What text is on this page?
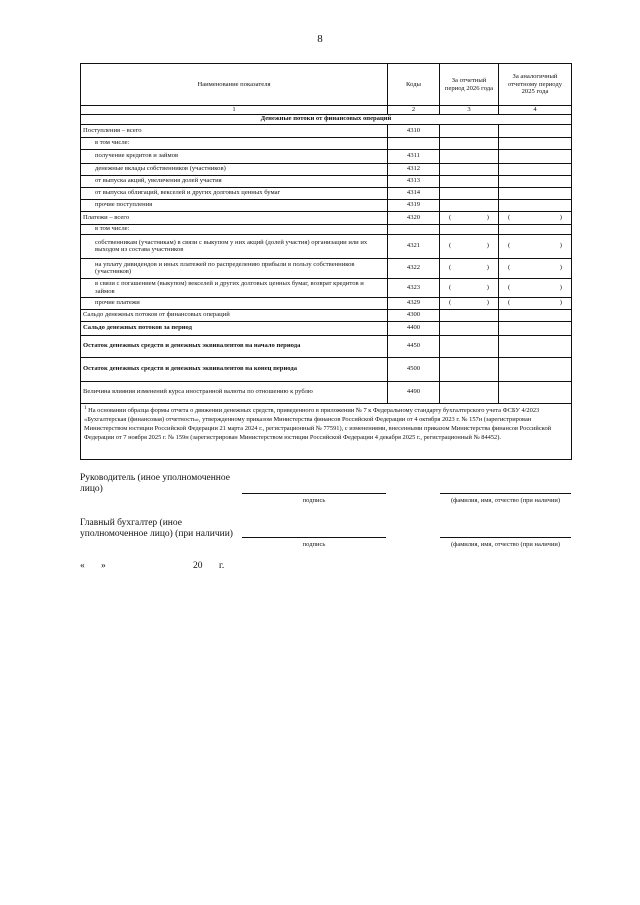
8
Наименование показателя	Коды	За отчетный период 2026 года	За аналогичный отчетному периоду 2025 года
1	2	3	4
Денежные потоки от финансовых операций			
Поступления – всего	4310		
в том числе:			
получение кредитов и займов	4311		
денежные вклады собственников (участников)	4312		
от выпуска акций, увеличения долей участия	4313		
от выпуска облигаций, векселей и других долговых ценных бумаг	4314		
прочие поступления	4319		
Платежи – всего	4320	( )	( )

в том числе:			
собственникам (участникам) в связи с выкупом у них акций (долей участия) организации или их выходом из состава участников	4321	( )	( )

на уплату дивидендов и иных платежей по распределению прибыли в пользу собственников (участников)	4322	( )	( )

в связи с погашением (выкупом) векселей и других долговых ценных бумаг, возврат кредитов и займов	4323	( )	( )

прочие платежи	4329	( )	( )

Сальдо денежных потоков от финансовых операций	4300		
Сальдо денежных потоков за период	4400		
Остаток денежных средств и денежных эквивалентов на начало периода	4450		
Остаток денежных средств и денежных эквивалентов на конец периода	4500		
Величина влияния изменений курса иностранной валюты по отношению к рублю	4490		
$^1$ На основании образца формы отчета о движении денежных средств, приведенного в приложении № 7 к Федеральному стандарту бухгалтерского учета ФСБУ 4/2023 «Бухгалтерская (финансовая) отчетность», утвержденному приказом Министерства финансов Российской Федерации от 4 октября 2023 г. № 157н (зарегистрирован Министерством юстиции Российской Федерации 21 марта 2024 г., регистрационный № 77591), с изменениями, внесенными приказом Министерства финансов Российской Федерации от 7 ноября 2025 г. № 159н (зарегистрирован Министерством юстиции Российской Федерации 4 декабря 2025 г., регистрационный № 84452).			
Руководитель (иное уполномоченное лицо)
подпись	(фамилия, имя, отчество (при наличии)
Главный бухгалтер (иное уполномоченное лицо) (при наличии)
подпись	(фамилия, имя, отчество (при наличии)
« »	20 г.
